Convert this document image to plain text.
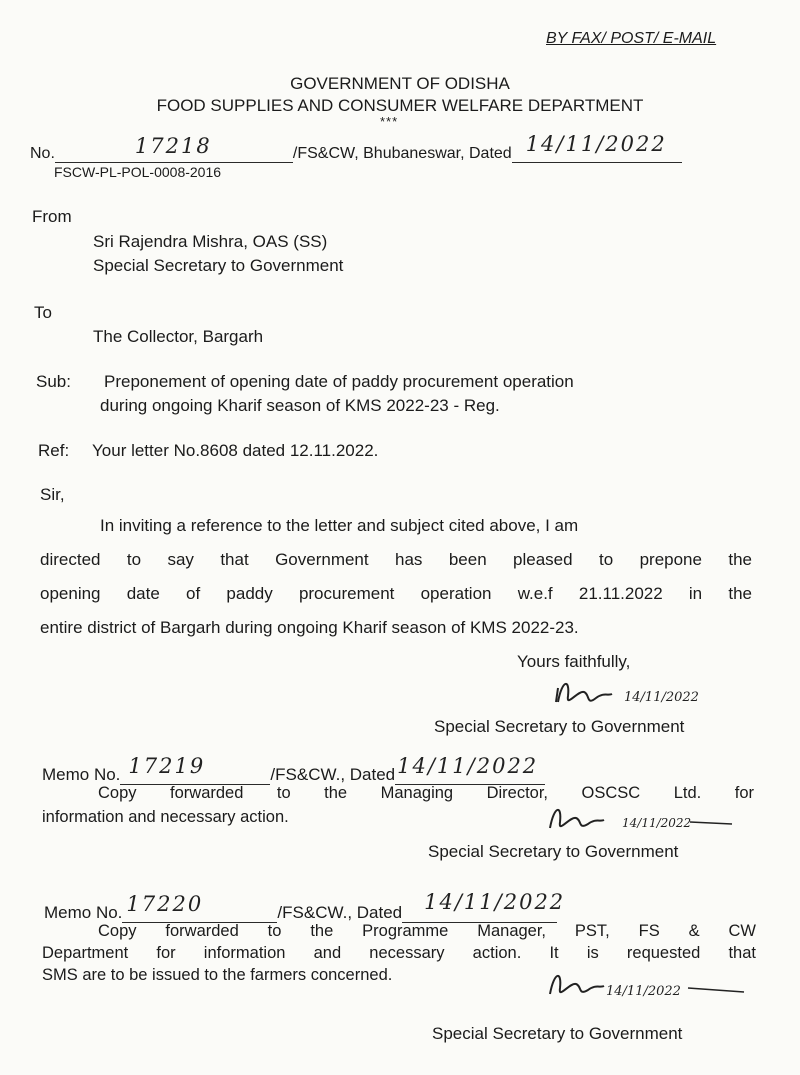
BY FAX/ POST/ E-MAIL
GOVERNMENT OF ODISHA
FOOD SUPPLIES AND CONSUMER WELFARE DEPARTMENT
***
No.	17218	/FS&CW, Bhubaneswar, Dated 14/11/2022
FSCW-PL-POL-0008-2016
From
Sri Rajendra Mishra, OAS (SS)
Special Secretary to Government
To
The Collector, Bargarh
Sub: Preponement of opening date of paddy procurement operation
during ongoing Kharif season of KMS 2022-23 - Reg.
Ref: Your letter No.8608 dated 12.11.2022.
Sir,
In inviting a reference to the letter and subject cited above, I am
directed to say that Government has been pleased to prepone the
opening date of paddy procurement operation w.e.f 21.11.2022 in the
entire district of Bargarh during ongoing Kharif season of KMS 2022-23.
Yours faithfully,
14/11/2022
Special Secretary to Government
Memo No. 17219	/FS&CW., Dated 14/11/2022
Copy forwarded to the Managing Director, OSCSC Ltd. for
information and necessary action.	14/11/2022
Special Secretary to Government
Memo No. 17220	/FS&CW., Dated 14/11/2022
Copy forwarded to the Programme Manager, PST, FS & CW
Department for information and necessary action. It is requested that
SMS are to be issued to the farmers concerned.
14/11/2022
Special Secretary to Government
